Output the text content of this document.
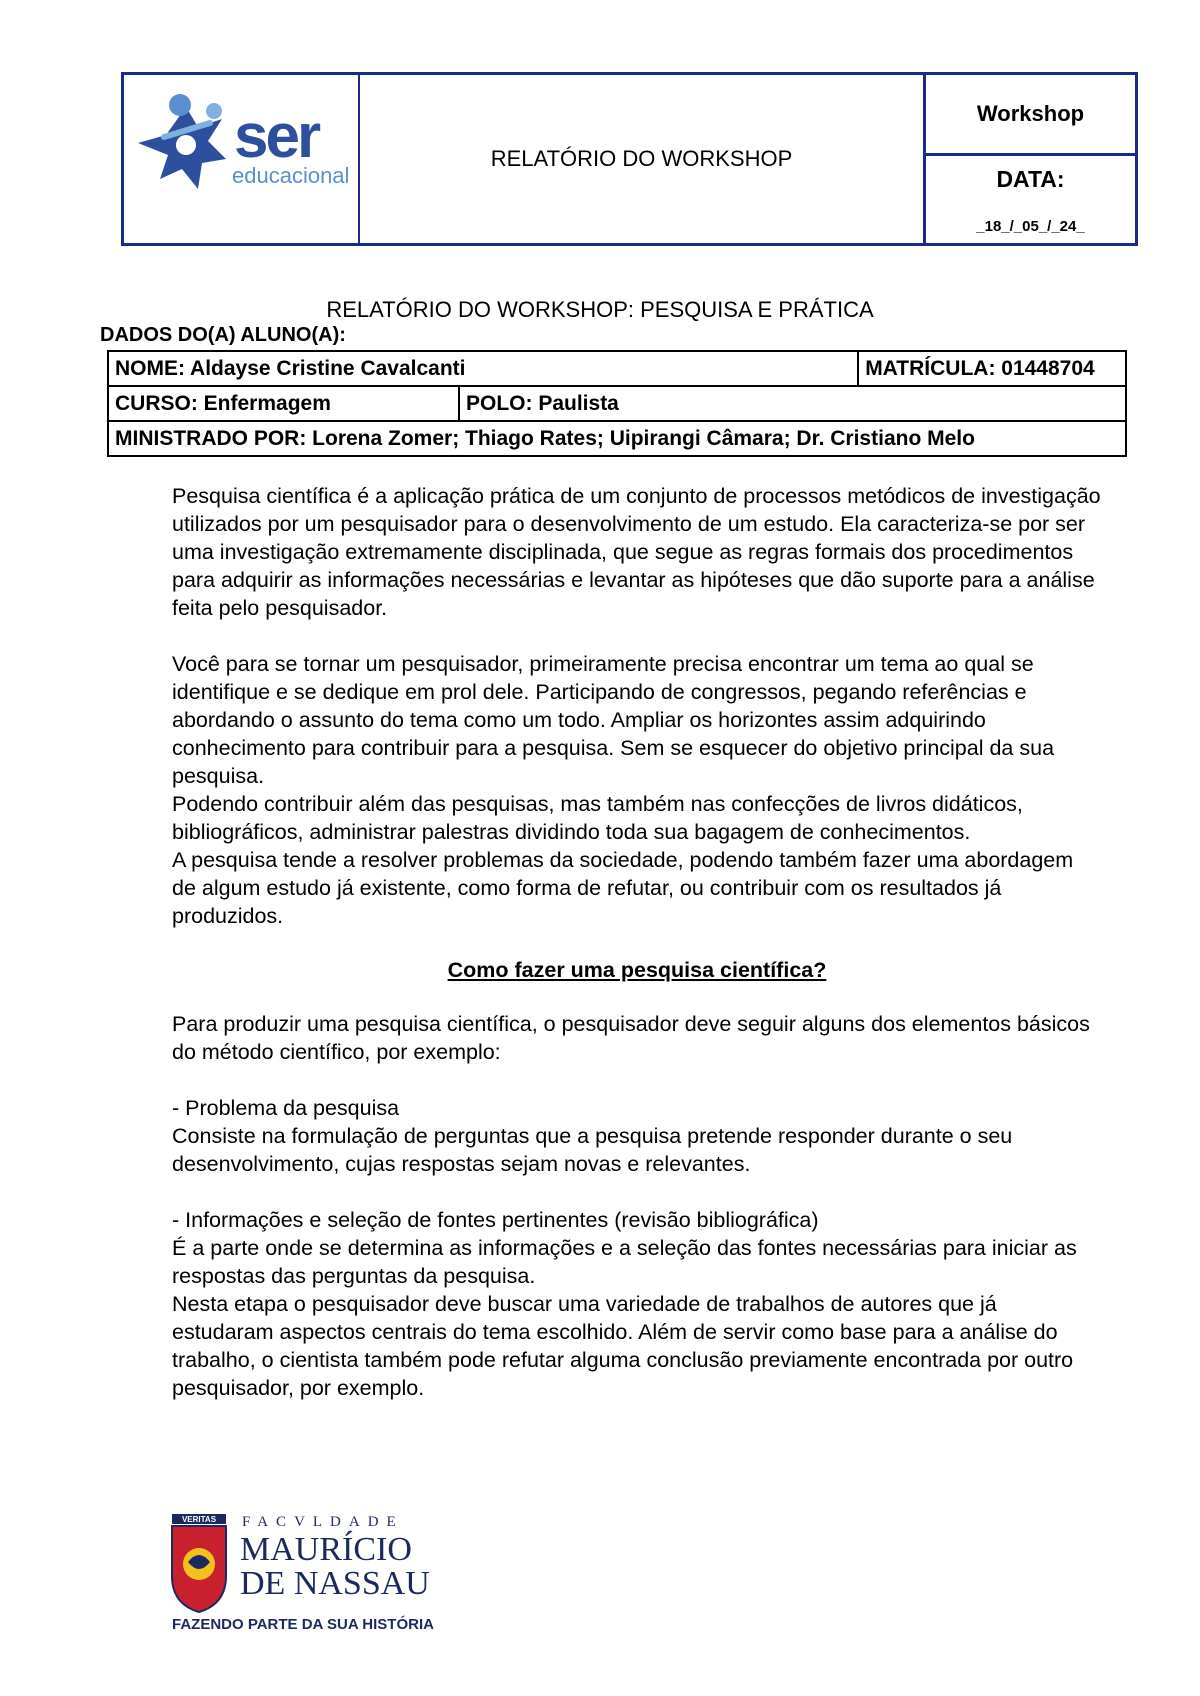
ser
educacional
RELATÓRIO DO WORKSHOP
Workshop
DATA:
_18_/_05_/_24_
RELATÓRIO DO WORKSHOP: PESQUISA E PRÁTICA
DADOS DO(A) ALUNO(A):
NOME: Aldayse Cristine Cavalcanti		MATRÍCULA: 01448704
CURSO: Enfermagem	POLO: Paulista	
MINISTRADO POR: Lorena Zomer; Thiago Rates; Uipirangi Câmara; Dr. Cristiano Melo		

Pesquisa científica é a aplicação prática de um conjunto de processos metódicos de investigação utilizados por um pesquisador para o desenvolvimento de um estudo. Ela caracteriza-se por ser uma investigação extremamente disciplinada, que segue as regras formais dos procedimentos para adquirir as informações necessárias e levantar as hipóteses que dão suporte para a análise feita pelo pesquisador.

Você para se tornar um pesquisador, primeiramente precisa encontrar um tema ao qual se identifique e se dedique em prol dele. Participando de congressos, pegando referências e abordando o assunto do tema como um todo. Ampliar os horizontes assim adquirindo conhecimento para contribuir para a pesquisa. Sem se esquecer do objetivo principal da sua pesquisa.

Podendo contribuir além das pesquisas, mas também nas confecções de livros didáticos, bibliográficos, administrar palestras dividindo toda sua bagagem de conhecimentos.

A pesquisa tende a resolver problemas da sociedade, podendo também fazer uma abordagem de algum estudo já existente, como forma de refutar, ou contribuir com os resultados já produzidos.

Como fazer uma pesquisa científica?

Para produzir uma pesquisa científica, o pesquisador deve seguir alguns dos elementos básicos do método científico, por exemplo:

- Problema da pesquisa

Consiste na formulação de perguntas que a pesquisa pretende responder durante o seu desenvolvimento, cujas respostas sejam novas e relevantes.

- Informações e seleção de fontes pertinentes (revisão bibliográfica)

É a parte onde se determina as informações e a seleção das fontes necessárias para iniciar as respostas das perguntas da pesquisa.

Nesta etapa o pesquisador deve buscar uma variedade de trabalhos de autores que já estudaram aspectos centrais do tema escolhido. Além de servir como base para a análise do trabalho, o cientista também pode refutar alguma conclusão previamente encontrada por outro pesquisador, por exemplo.

VERITAS FACVLDADE
MAURÍCIO
DE NASSAU
FAZENDO PARTE DA SUA HISTÓRIA
